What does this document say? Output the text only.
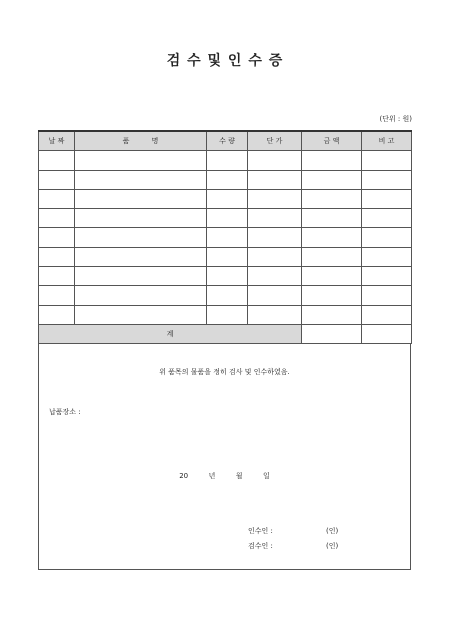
검 수 및 인 수 증
(단위 : 원)
날 짜	품          명	수 량	단 가	금 액	비 고

계					
위 품목의 물품을 정히 검사 및 인수하였음.
납품장소 :
20  년  월  일
인수인 :	(인)
검수인 :	(인)
